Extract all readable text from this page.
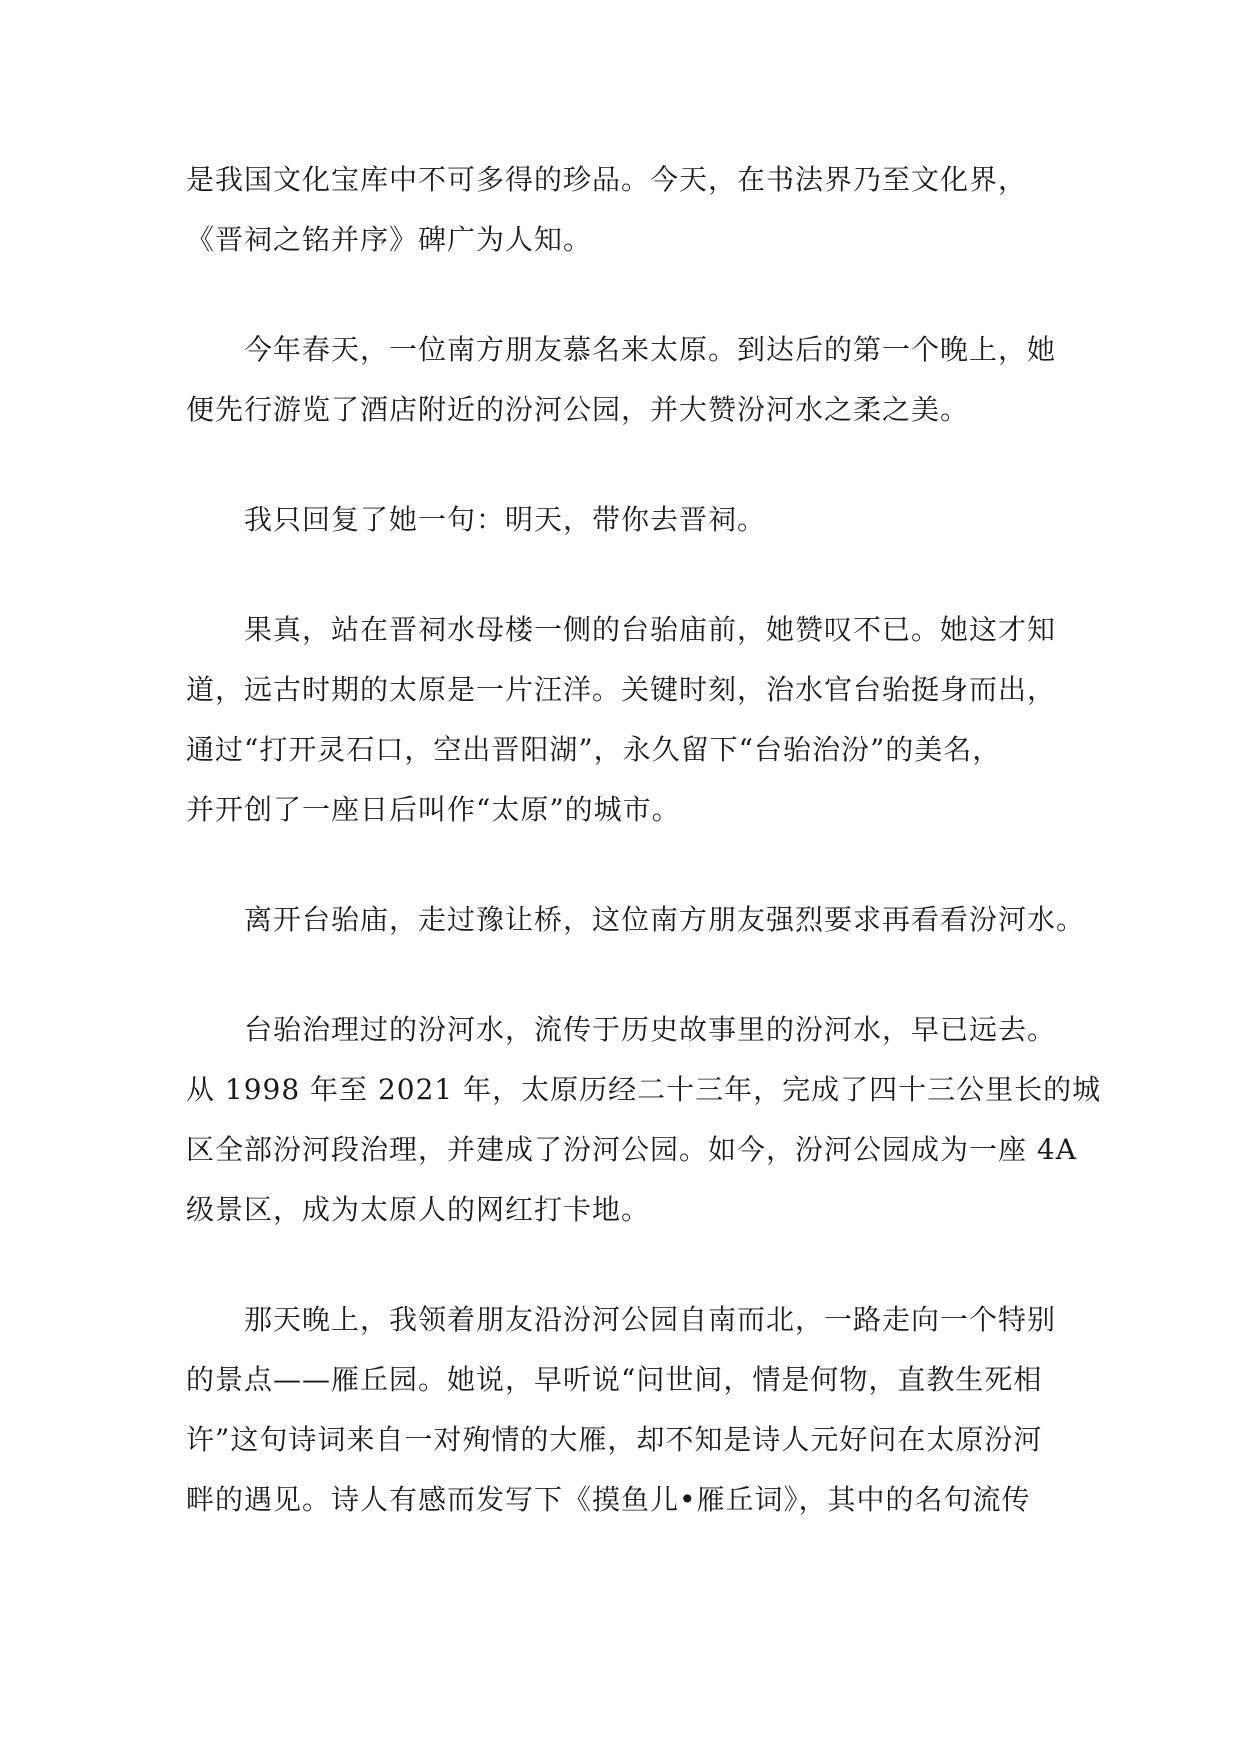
是我国文化宝库中不可多得的珍品。今天，在书法界乃至文化界，
《晋祠之铭并序》碑广为人知。

今年春天，一位南方朋友慕名来太原。到达后的第一个晚上，她
便先行游览了酒店附近的汾河公园，并大赞汾河水之柔之美。

我只回复了她一句：明天，带你去晋祠。

果真，站在晋祠水母楼一侧的台骀庙前，她赞叹不已。她这才知
道，远古时期的太原是一片汪洋。关键时刻，治水官台骀挺身而出，
通过“打开灵石口，空出晋阳湖”，永久留下“台骀治汾”的美名，
并开创了一座日后叫作“太原”的城市。

离开台骀庙，走过豫让桥，这位南方朋友强烈要求再看看汾河水。

台骀治理过的汾河水，流传于历史故事里的汾河水，早已远去。
从 1998 年至 2021 年，太原历经二十三年，完成了四十三公里长的城
区全部汾河段治理，并建成了汾河公园。如今，汾河公园成为一座 4A
级景区，成为太原人的网红打卡地。

那天晚上，我领着朋友沿汾河公园自南而北，一路走向一个特别
的景点——雁丘园。她说，早听说“问世间，情是何物，直教生死相
许”这句诗词来自一对殉情的大雁，却不知是诗人元好问在太原汾河
畔的遇见。诗人有感而发写下《摸鱼儿•雁丘词》，其中的名句流传
